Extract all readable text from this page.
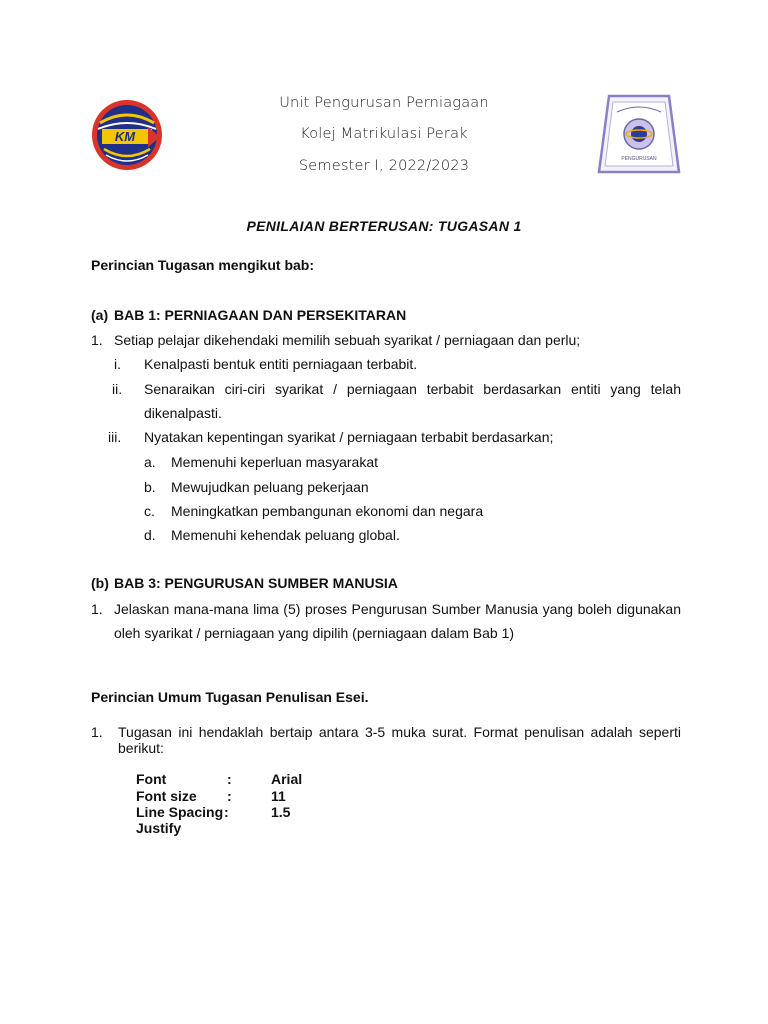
KM
PENGURUSAN
Unit Pengurusan Perniagaan
Kolej Matrikulasi Perak
Semester I, 2022/2023
PENILAIAN BERTERUSAN: TUGASAN 1
Perincian Tugasan mengikut bab:
(a) BAB 1: PERNIAGAAN DAN PERSEKITARAN
1. Setiap pelajar dikehendaki memilih sebuah syarikat / perniagaan dan perlu;
i. Kenalpasti bentuk entiti perniagaan terbabit.
ii. Senaraikan ciri-ciri syarikat / perniagaan terbabit berdasarkan entiti yang telah
dikenalpasti.
iii. Nyatakan kepentingan syarikat / perniagaan terbabit berdasarkan;
a. Memenuhi keperluan masyarakat
b. Mewujudkan peluang pekerjaan
c. Meningkatkan pembangunan ekonomi dan negara
d. Memenuhi kehendak peluang global.
(b) BAB 3: PENGURUSAN SUMBER MANUSIA
1. Jelaskan mana-mana lima (5) proses Pengurusan Sumber Manusia yang boleh digunakan
oleh syarikat / perniagaan yang dipilih (perniagaan dalam Bab 1)
Perincian Umum Tugasan Penulisan Esei.
1. Tugasan ini hendaklah bertaip antara 3-5 muka surat. Format penulisan adalah seperti
berikut:
Font	:	Arial
Font size :	11
Line Spacing :	1.5
Justify
